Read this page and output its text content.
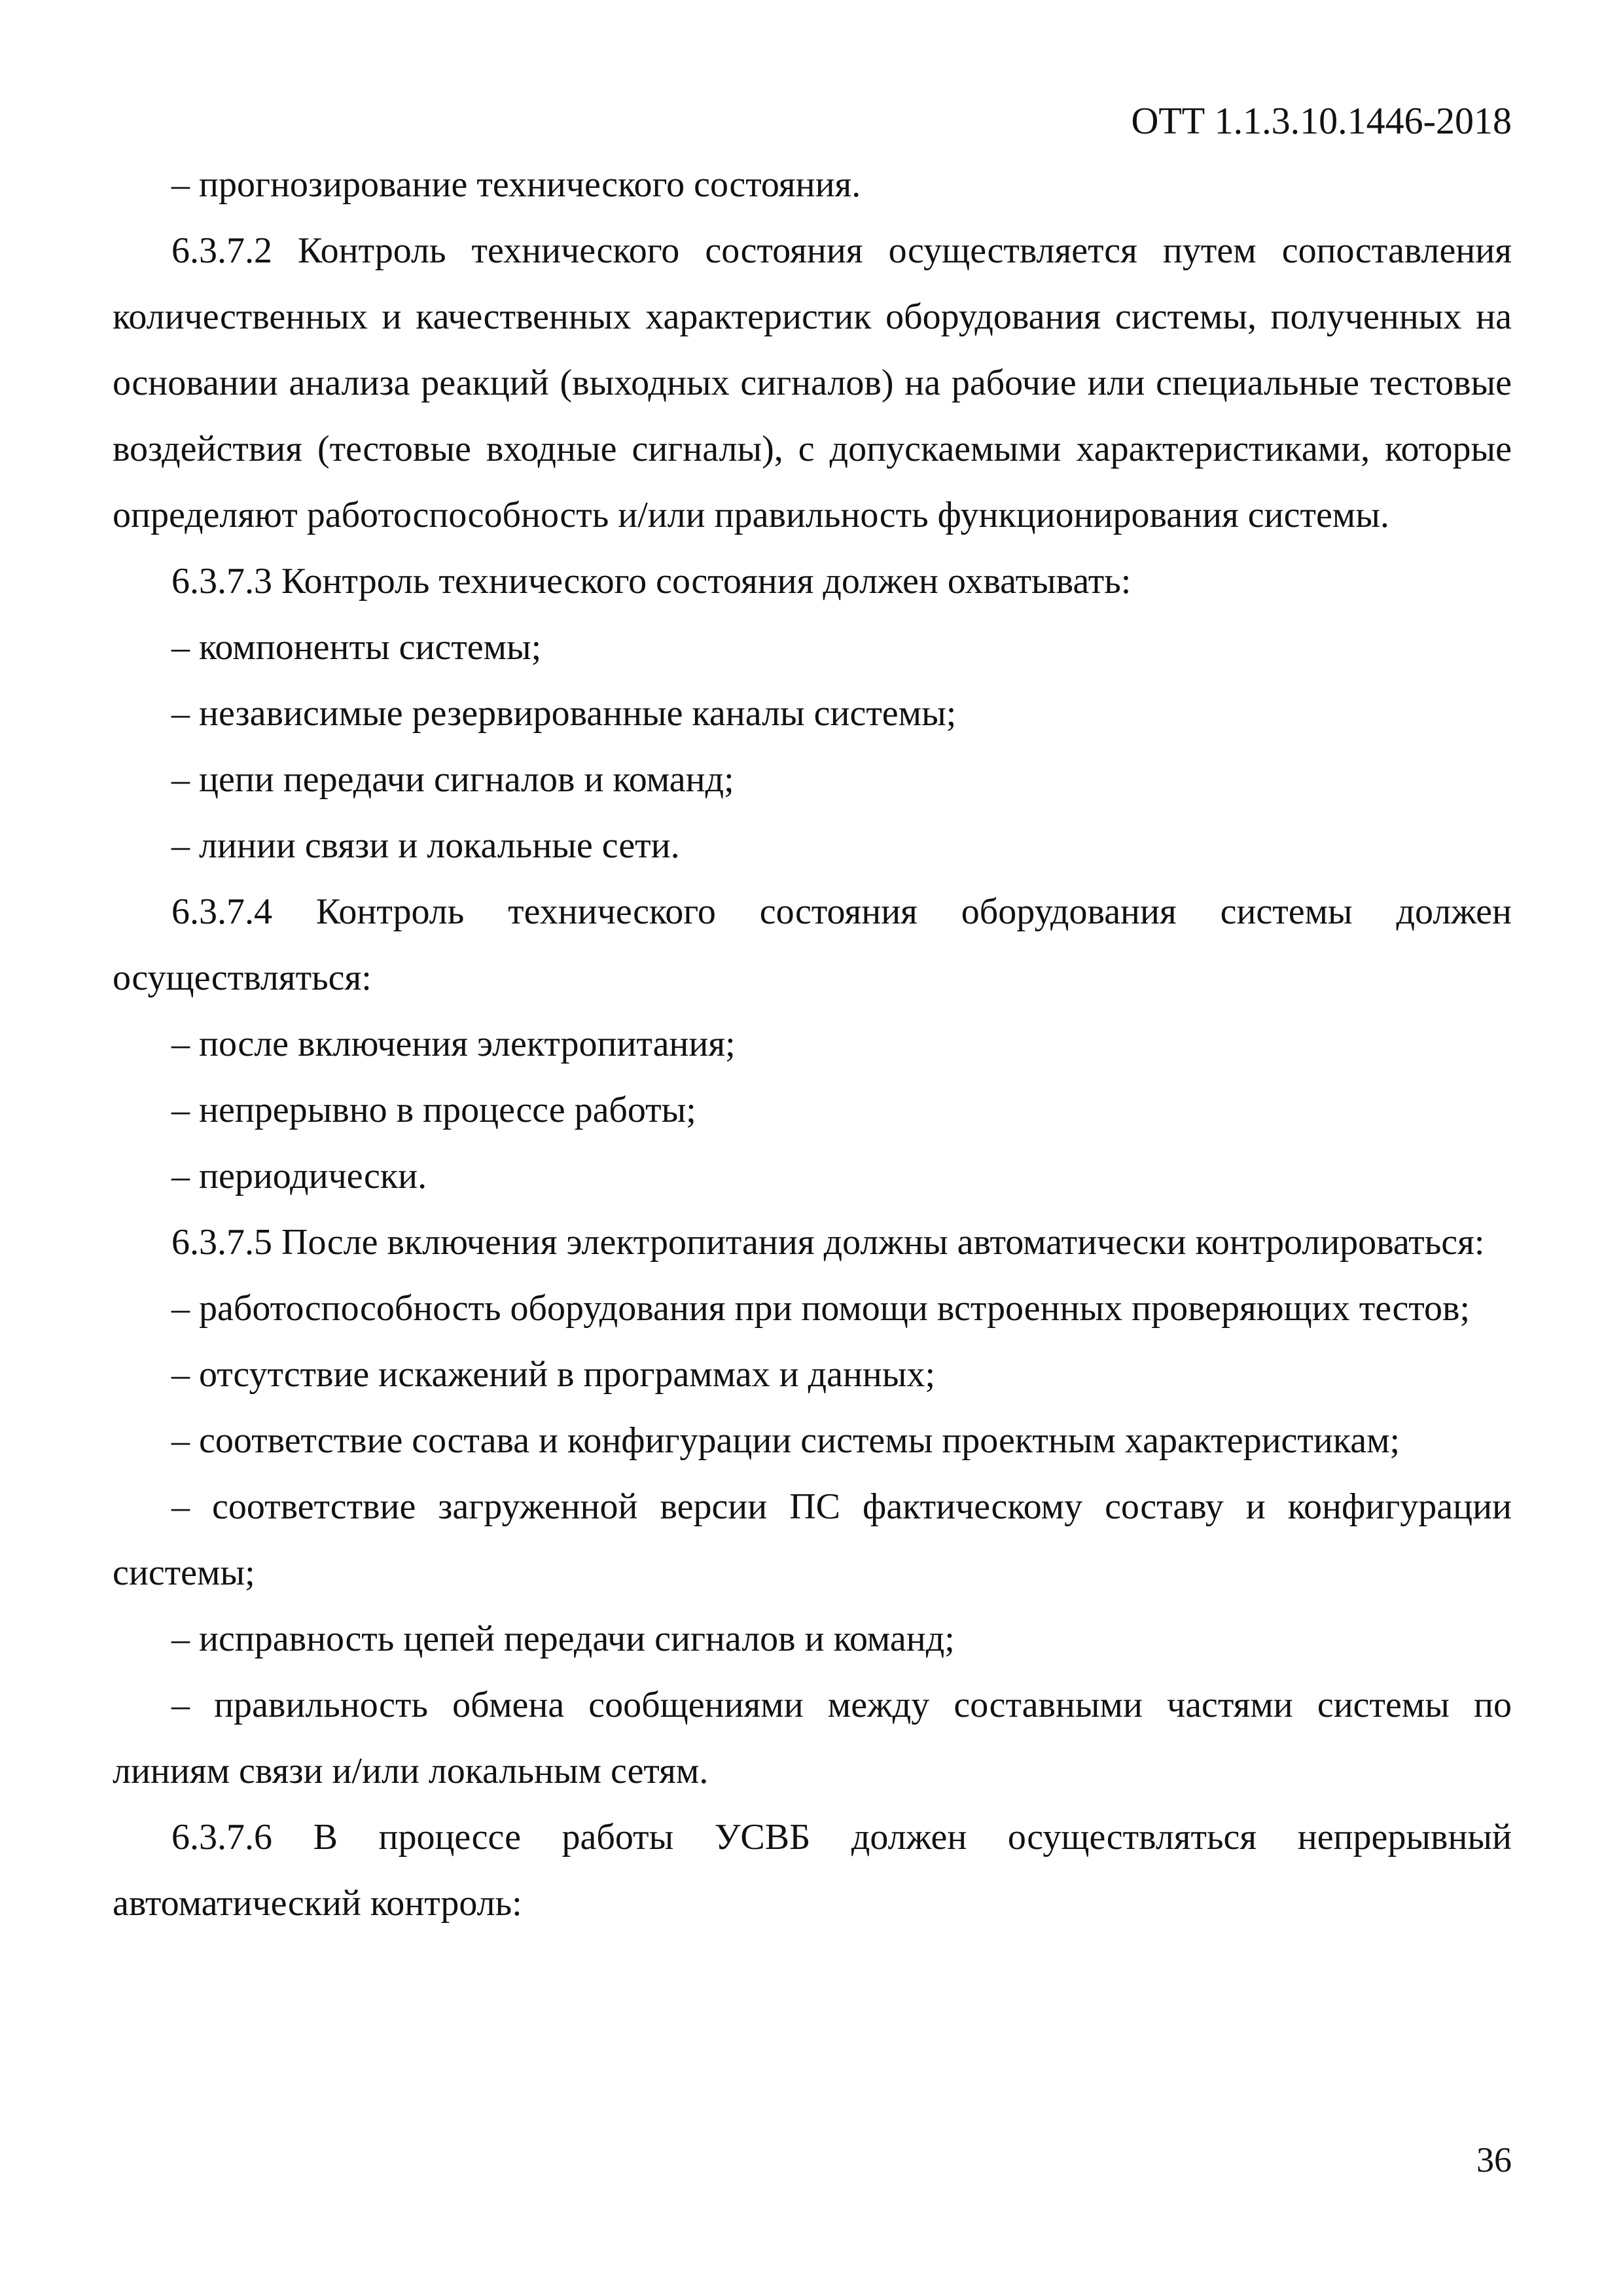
ОТТ 1.1.3.10.1446-2018

– прогнозирование технического состояния.

6.3.7.2 Контроль технического состояния осуществляется путем сопоставления количественных и качественных характеристик оборудования системы, полученных на основании анализа реакций (выходных сигналов) на рабочие или специальные тестовые воздействия (тестовые входные сигналы), с допускаемыми характеристиками, которые определяют работоспособность и/или правильность функционирования системы.

6.3.7.3 Контроль технического состояния должен охватывать:

– компоненты системы;

– независимые резервированные каналы системы;

– цепи передачи сигналов и команд;

– линии связи и локальные сети.

6.3.7.4 Контроль технического состояния оборудования системы должен осуществляться:

– после включения электропитания;

– непрерывно в процессе работы;

– периодически.

6.3.7.5 После включения электропитания должны автоматически контролироваться:

– работоспособность оборудования при помощи встроенных проверяющих тестов;

– отсутствие искажений в программах и данных;

– соответствие состава и конфигурации системы проектным характеристикам;

– соответствие загруженной версии ПС фактическому составу и конфигурации системы;

– исправность цепей передачи сигналов и команд;

– правильность обмена сообщениями между составными частями системы по линиям связи и/или локальным сетям.

6.3.7.6 В процессе работы УСВБ должен осуществляться непрерывный автоматический контроль:

36
